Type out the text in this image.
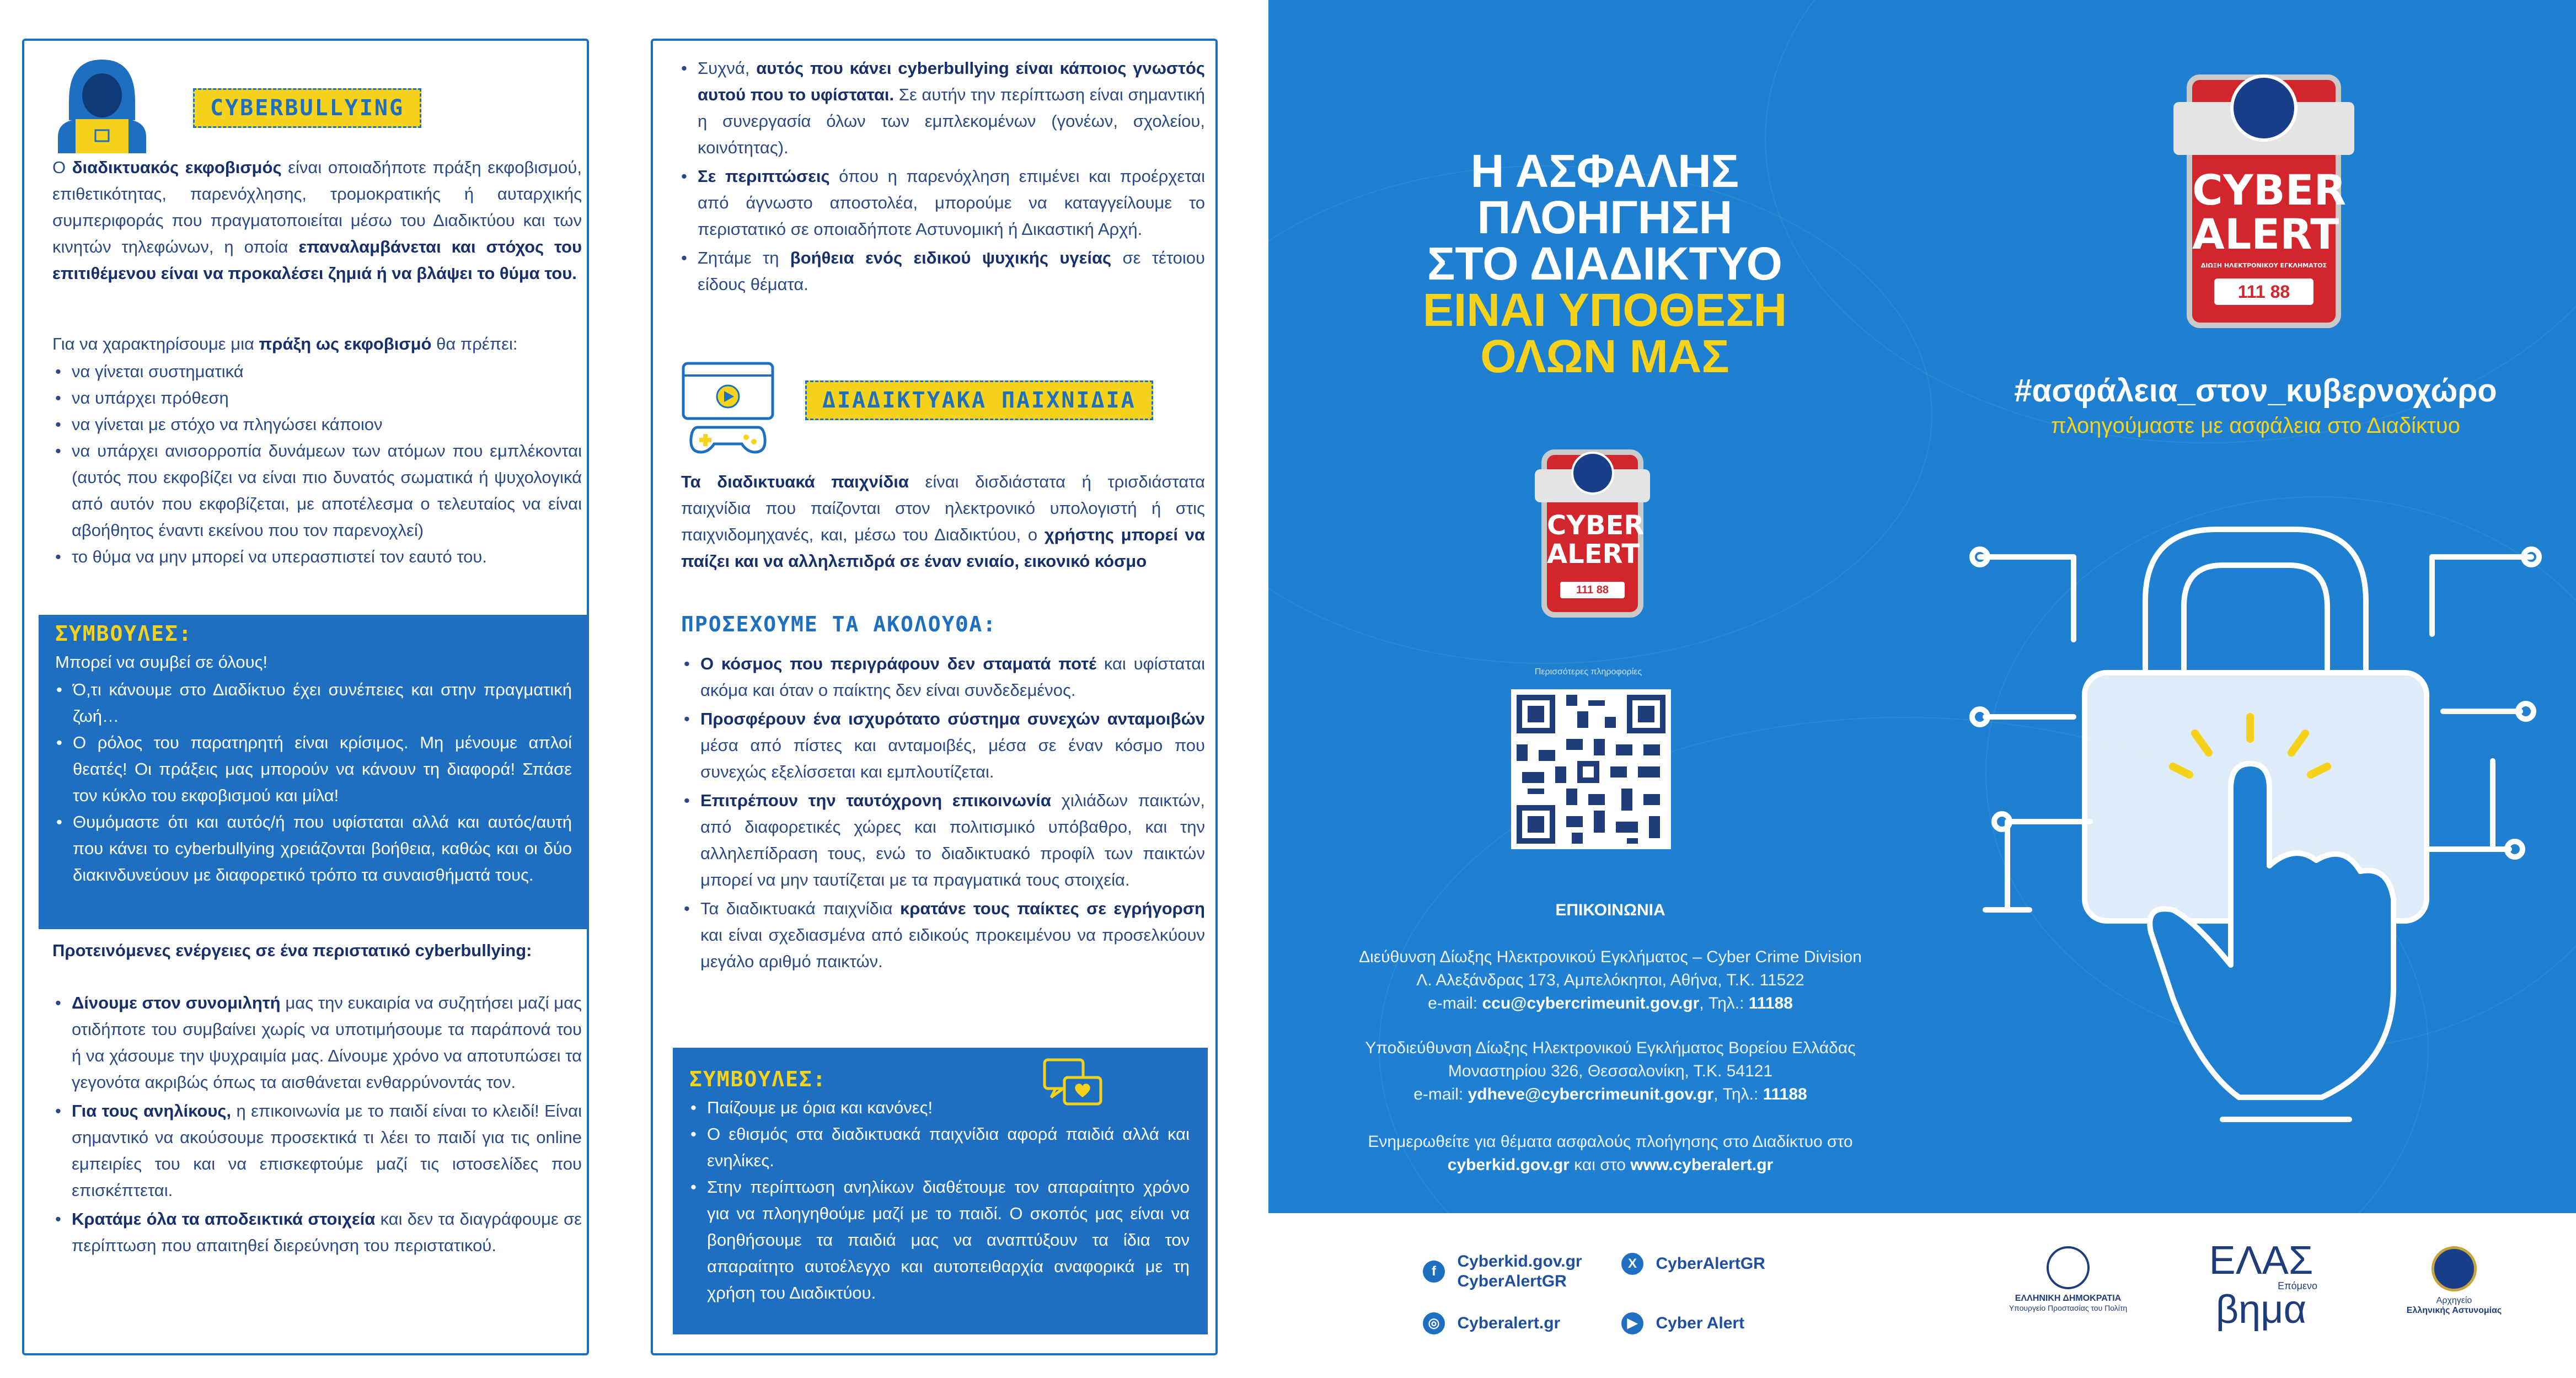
CYBERBULLYING
Ο διαδικτυακός εκφοβισμός είναι οποιαδήποτε πράξη εκφοβισμού, επιθετικότητας, παρενόχλησης, τρομοκρατικής ή αυταρχικής συμπεριφοράς που πραγματοποιείται μέσω του Διαδικτύου και των κινητών τηλεφώνων, η οποία επαναλαμβάνεται και στόχος του επιτιθέμενου είναι να προκαλέσει ζημιά ή να βλάψει το θύμα του.
Για να χαρακτηρίσουμε μια πράξη ως εκφοβισμό θα πρέπει:
• να γίνεται συστηματικά
• να υπάρχει πρόθεση
• να γίνεται με στόχο να πληγώσει κάποιον
• να υπάρχει ανισορροπία δυνάμεων των ατόμων που εμπλέκονται (αυτός που εκφοβίζει να είναι πιο δυνατός σωματικά ή ψυχολογικά από αυτόν που εκφοβίζεται, με αποτέλεσμα ο τελευταίος να είναι αβοήθητος έναντι εκείνου που τον παρενοχλεί)
• το θύμα να μην μπορεί να υπερασπιστεί τον εαυτό του.
ΣΥΜΒΟΥΛΕΣ:
Μπορεί να συμβεί σε όλους!
• Ό,τι κάνουμε στο Διαδίκτυο έχει συνέπειες και στην πραγματική ζωή…
• Ο ρόλος του παρατηρητή είναι κρίσιμος. Μη μένουμε απλοί θεατές! Οι πράξεις μας μπορούν να κάνουν τη διαφορά! Σπάσε τον κύκλο του εκφοβισμού και μίλα!
• Θυμόμαστε ότι και αυτός/ή που υφίσταται αλλά και αυτός/αυτή που κάνει το cyberbullying χρειάζονται βοήθεια, καθώς και οι δύο διακινδυνεύουν με διαφορετικό τρόπο τα συναισθήματά τους.
Προτεινόμενες ενέργειες σε ένα περιστατικό cyberbullying:
• Δίνουμε στον συνομιλητή μας την ευκαιρία να συζητήσει μαζί μας οτιδήποτε του συμβαίνει χωρίς να υποτιμήσουμε τα παράπονά του ή να χάσουμε την ψυχραιμία μας. Δίνουμε χρόνο να αποτυπώσει τα γεγονότα ακριβώς όπως τα αισθάνεται ενθαρρύνοντάς τον.
• Για τους ανηλίκους, η επικοινωνία με το παιδί είναι το κλειδί! Είναι σημαντικό να ακούσουμε προσεκτικά τι λέει το παιδί για τις online εμπειρίες του και να επισκεφτούμε μαζί τις ιστοσελίδες που επισκέπτεται.
• Κρατάμε όλα τα αποδεικτικά στοιχεία και δεν τα διαγράφουμε σε περίπτωση που απαιτηθεί διερεύνηση του περιστατικού.
• Συχνά, αυτός που κάνει cyberbullying είναι κάποιος γνωστός αυτού που το υφίσταται. Σε αυτήν την περίπτωση είναι σημαντική η συνεργασία όλων των εμπλεκομένων (γονέων, σχολείου, κοινότητας).
• Σε περιπτώσεις όπου η παρενόχληση επιμένει και προέρχεται από άγνωστο αποστολέα, μπορούμε να καταγγείλουμε το περιστατικό σε οποιαδήποτε Αστυνομική ή Δικαστική Αρχή.
• Ζητάμε τη βοήθεια ενός ειδικού ψυχικής υγείας σε τέτοιου είδους θέματα.
ΔΙΑΔΙΚΤΥΑΚΑ ΠΑΙΧΝΙΔΙΑ
Τα διαδικτυακά παιχνίδια είναι δισδιάστατα ή τρισδιάστατα παιχνίδια που παίζονται στον ηλεκτρονικό υπολογιστή ή στις παιχνιδομηχανές, και, μέσω του Διαδικτύου, ο χρήστης μπορεί να παίζει και να αλληλεπιδρά σε έναν ενιαίο, εικονικό κόσμο
ΠΡΟΣΕΧΟΥΜΕ ΤΑ ΑΚΟΛΟΥΘΑ:
• Ο κόσμος που περιγράφουν δεν σταματά ποτέ και υφίσταται ακόμα και όταν ο παίκτης δεν είναι συνδεδεμένος.
• Προσφέρουν ένα ισχυρότατο σύστημα συνεχών ανταμοιβών μέσα από πίστες και ανταμοιβές, μέσα σε έναν κόσμο που συνεχώς εξελίσσεται και εμπλουτίζεται.
• Επιτρέπουν την ταυτόχρονη επικοινωνία χιλιάδων παικτών, από διαφορετικές χώρες και πολιτισμικό υπόβαθρο, και την αλληλεπίδραση τους, ενώ το διαδικτυακό προφίλ των παικτών μπορεί να μην ταυτίζεται με τα πραγματικά τους στοιχεία.
• Τα διαδικτυακά παιχνίδια κρατάνε τους παίκτες σε εγρήγορση και είναι σχεδιασμένα από ειδικούς προκειμένου να προσελκύουν μεγάλο αριθμό παικτών.
ΣΥΜΒΟΥΛΕΣ:
• Παίζουμε με όρια και κανόνες!
• Ο εθισμός στα διαδικτυακά παιχνίδια αφορά παιδιά αλλά και ενηλίκες.
• Στην περίπτωση ανηλίκων διαθέτουμε τον απαραίτητο χρόνο για να πλοηγηθούμε μαζί με το παιδί. Ο σκοπός μας είναι να βοηθήσουμε τα παιδιά μας να αναπτύξουν τα ίδια τον απαραίτητο αυτοέλεγχο και αυτοπειθαρχία αναφορικά με τη χρήση του Διαδικτύου.
Η ΑΣΦΑΛΗΣ
ΠΛΟΗΓΗΣΗ
ΣΤΟ ΔΙΑΔΙΚΤΥΟ
ΕΙΝΑΙ ΥΠΟΘΕΣΗ
ΟΛΩΝ ΜΑΣ
CYBER
ALERT
ΔΙΩΞΗ ΗΛΕΚΤΡΟΝΙΚΟΥ ΕΓΚΛΗΜΑΤΟΣ
111 88
#ασφάλεια_στον_κυβερνοχώρο
πλοηγούμαστε με ασφάλεια στο Διαδίκτυο
CYBER
ALERT
111 88
Περισσότερες πληροφορίες
ΕΠΙΚΟΙΝΩΝΙΑ
Διεύθυνση Δίωξης Ηλεκτρονικού Εγκλήματος – Cyber Crime Division
Λ. Αλεξάνδρας 173, Αμπελόκηποι, Αθήνα, Τ.Κ. 11522
e-mail: ccu@cybercrimeunit.gov.gr, Τηλ.: 11188
Υποδιεύθυνση Δίωξης Ηλεκτρονικού Εγκλήματος Βορείου Ελλάδας
Μοναστηρίου 326, Θεσσαλονίκη, Τ.Κ. 54121
e-mail: ydheve@cybercrimeunit.gov.gr, Τηλ.: 11188
Ενημερωθείτε για θέματα ασφαλούς πλοήγησης στο Διαδίκτυο στο
cyberkid.gov.gr και στο www.cyberalert.gr
f Cyberkid.gov.gr
CyberAlertGR
◎ Cyberalert.gr
X CyberAlertGR
▶ Cyber Alert
ΕΛΛΗΝΙΚΗ ΔΗΜΟΚΡΑΤΙΑ
Υπουργείο Προστασίας του Πολίτη
ΕΛΑΣ
Επόμενο
βημα	Αρχηγείο
Ελληνικής Αστυνομίας
